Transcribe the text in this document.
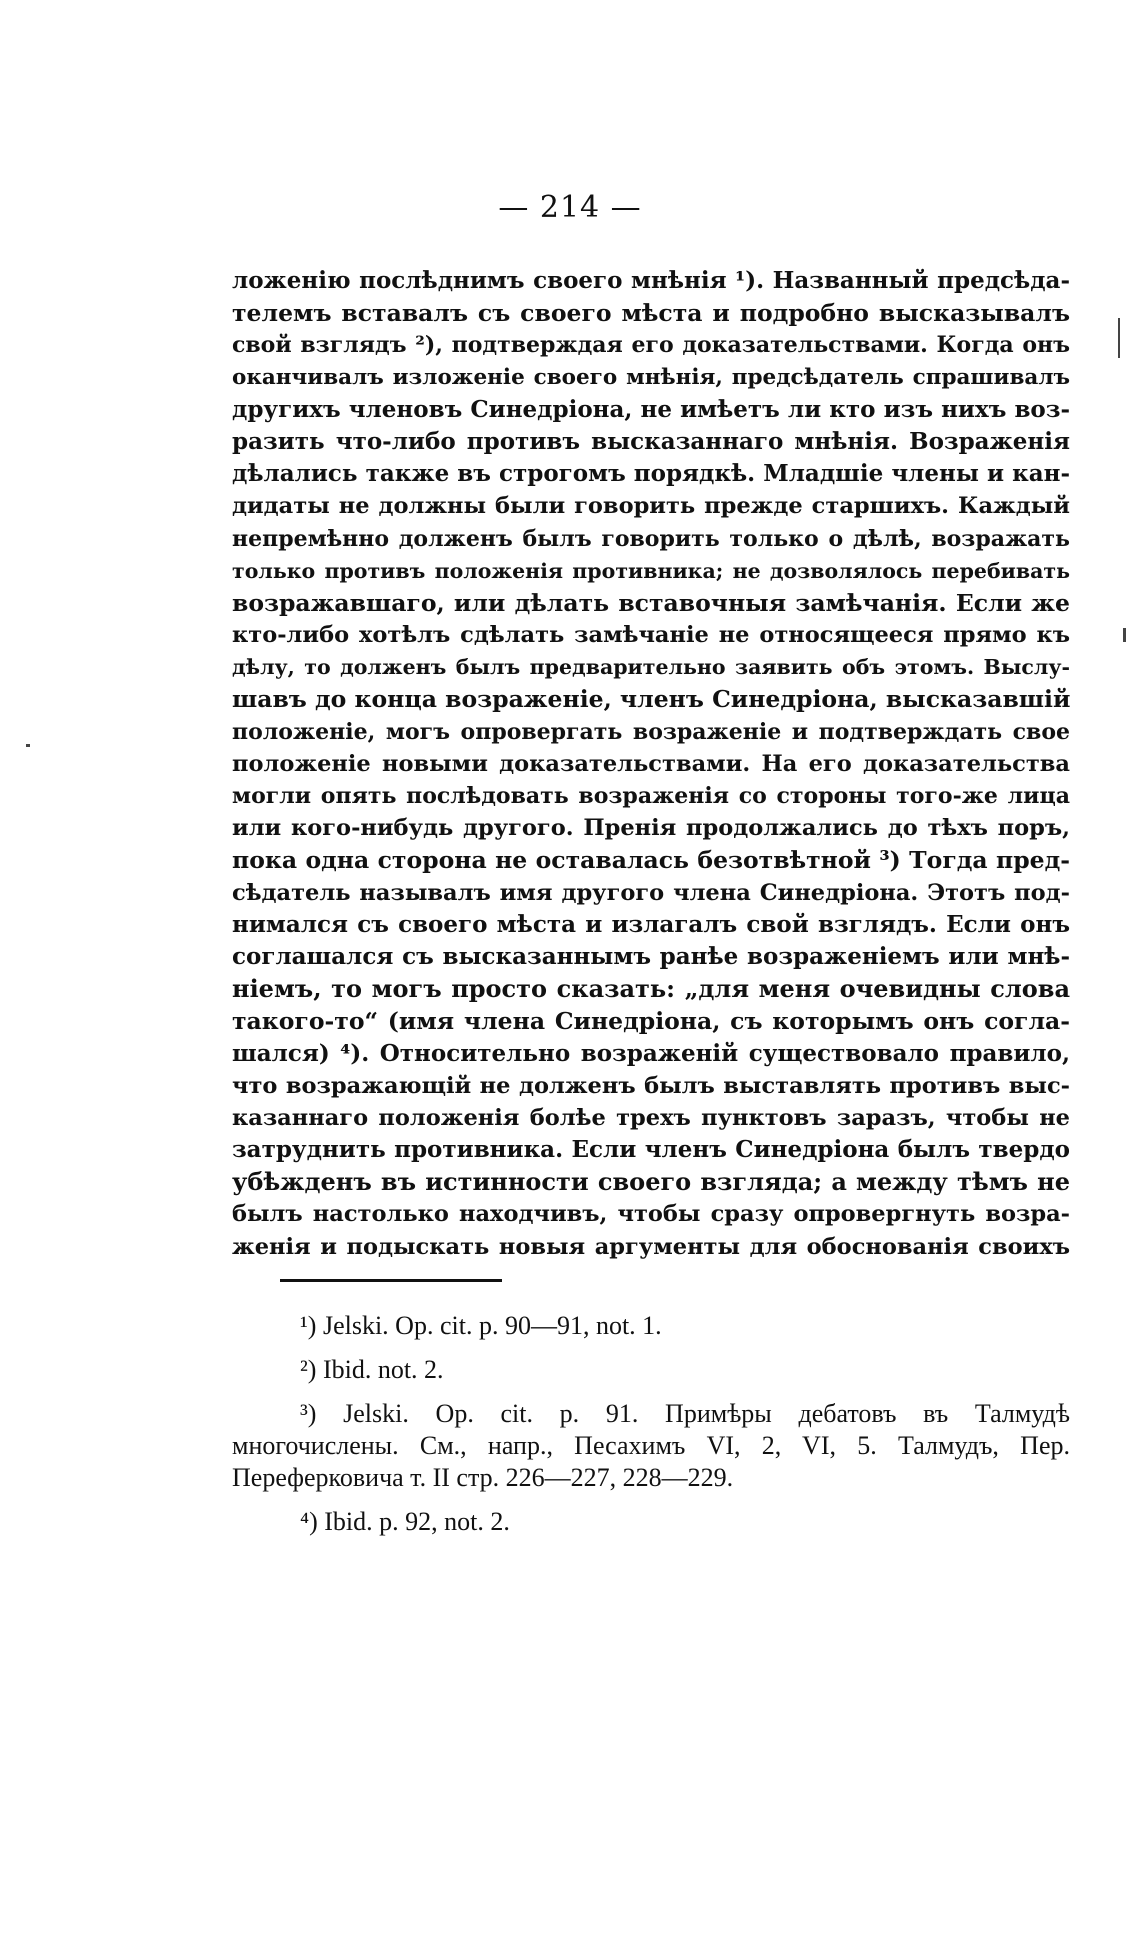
— 214 —
ложенію послѣднимъ своего мнѣнія ¹). Названный предсѣда-
телемъ вставалъ съ своего мѣста и подробно высказывалъ
свой взглядъ ²), подтверждая его доказательствами. Когда онъ
оканчивалъ изложеніе своего мнѣнія, предсѣдатель спрашивалъ
другихъ членовъ Синедріона, не имѣетъ ли кто изъ нихъ воз-
разить что-либо противъ высказаннаго мнѣнія. Возраженія
дѣлались также въ строгомъ порядкѣ. Младшіе члены и кан-
дидаты не должны были говорить прежде старшихъ. Каждый
непремѣнно долженъ былъ говорить только о дѣлѣ, возражать
только противъ положенія противника; не дозволялось перебивать
возражавшаго, или дѣлать вставочныя замѣчанія. Если же
кто-либо хотѣлъ сдѣлать замѣчаніе не относящееся прямо къ
дѣлу, то долженъ былъ предварительно заявить объ этомъ. Выслу-
шавъ до конца возраженіе, членъ Синедріона, высказавшій
положеніе, могъ опровергать возраженіе и подтверждать свое
положеніе новыми доказательствами. На его доказательства
могли опять послѣдовать возраженія со стороны того-же лица
или кого-нибудь другого. Пренія продолжались до тѣхъ поръ,
пока одна сторона не оставалась безотвѣтной ³) Тогда пред-
сѣдатель называлъ имя другого члена Синедріона. Этотъ под-
нимался съ своего мѣста и излагалъ свой взглядъ. Если онъ
соглашался съ высказаннымъ ранѣе возраженіемъ или мнѣ-
ніемъ, то могъ просто сказать: „для меня очевидны слова
такого-то“ (имя члена Синедріона, съ которымъ онъ согла-
шался) ⁴). Относительно возраженій существовало правило,
что возражающій не долженъ былъ выставлять противъ выс-
казаннаго положенія болѣе трехъ пунктовъ заразъ, чтобы не
затруднить противника. Если членъ Синедріона былъ твердо
убѣжденъ въ истинности своего взгляда; а между тѣмъ не
былъ настолько находчивъ, чтобы сразу опровергнуть возра-
женія и подыскать новыя аргументы для обоснованія своихъ
¹) Jelski. Op. cit. p. 90—91, not. 1.
²) Ibid. not. 2.
³) Jelski. Op. cit. p. 91. Примѣры дебатовъ въ Талмудѣ
многочислены. См., напр., Песахимъ VI, 2, VI, 5. Талмудъ, Пер.
Переферковича т. II стр. 226—227, 228—229.
⁴) Ibid. p. 92, not. 2.
